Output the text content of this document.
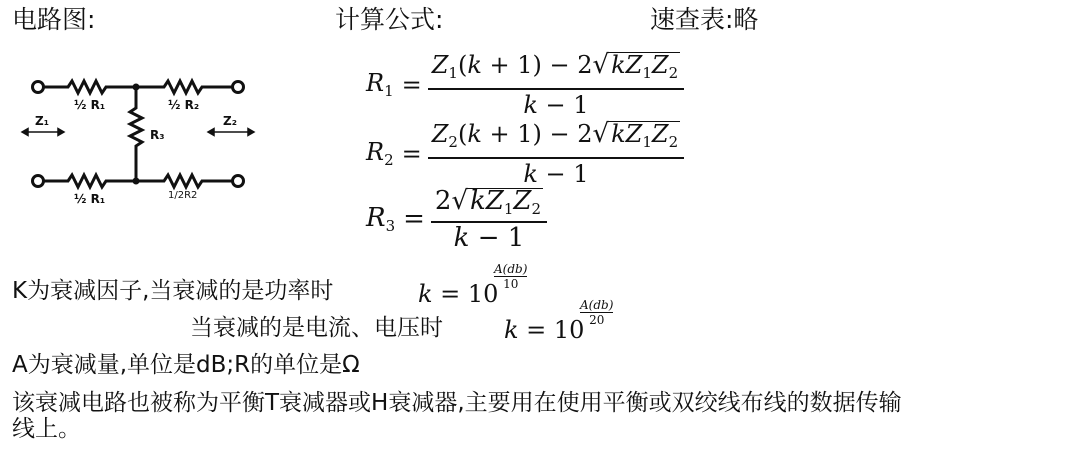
电路图:	计算公式:	速查表:略
½ R₁	½ R₂
R₃
½ R₁
Z₁	Z₂
1/2R2
$R_1 = \frac{Z_1(k + 1) - 2√kZ_1Z_2}{k - 1}$
$R_2 = \frac{Z_2(k + 1) - 2√kZ_1Z_2}{k - 1}$
$R_3 = \frac{2√kZ_1Z_2}{k - 1}$
K为衰减因子,当衰减的是功率时	k = 10
A(db)
10
当衰减的是电流、电压时	k = 10
A(db)
20
A为衰减量,单位是dB;R的单位是Ω
该衰减电路也被称为平衡T衰减器或H衰减器,主要用在使用平衡或双绞线布线的数据传输
线上。
